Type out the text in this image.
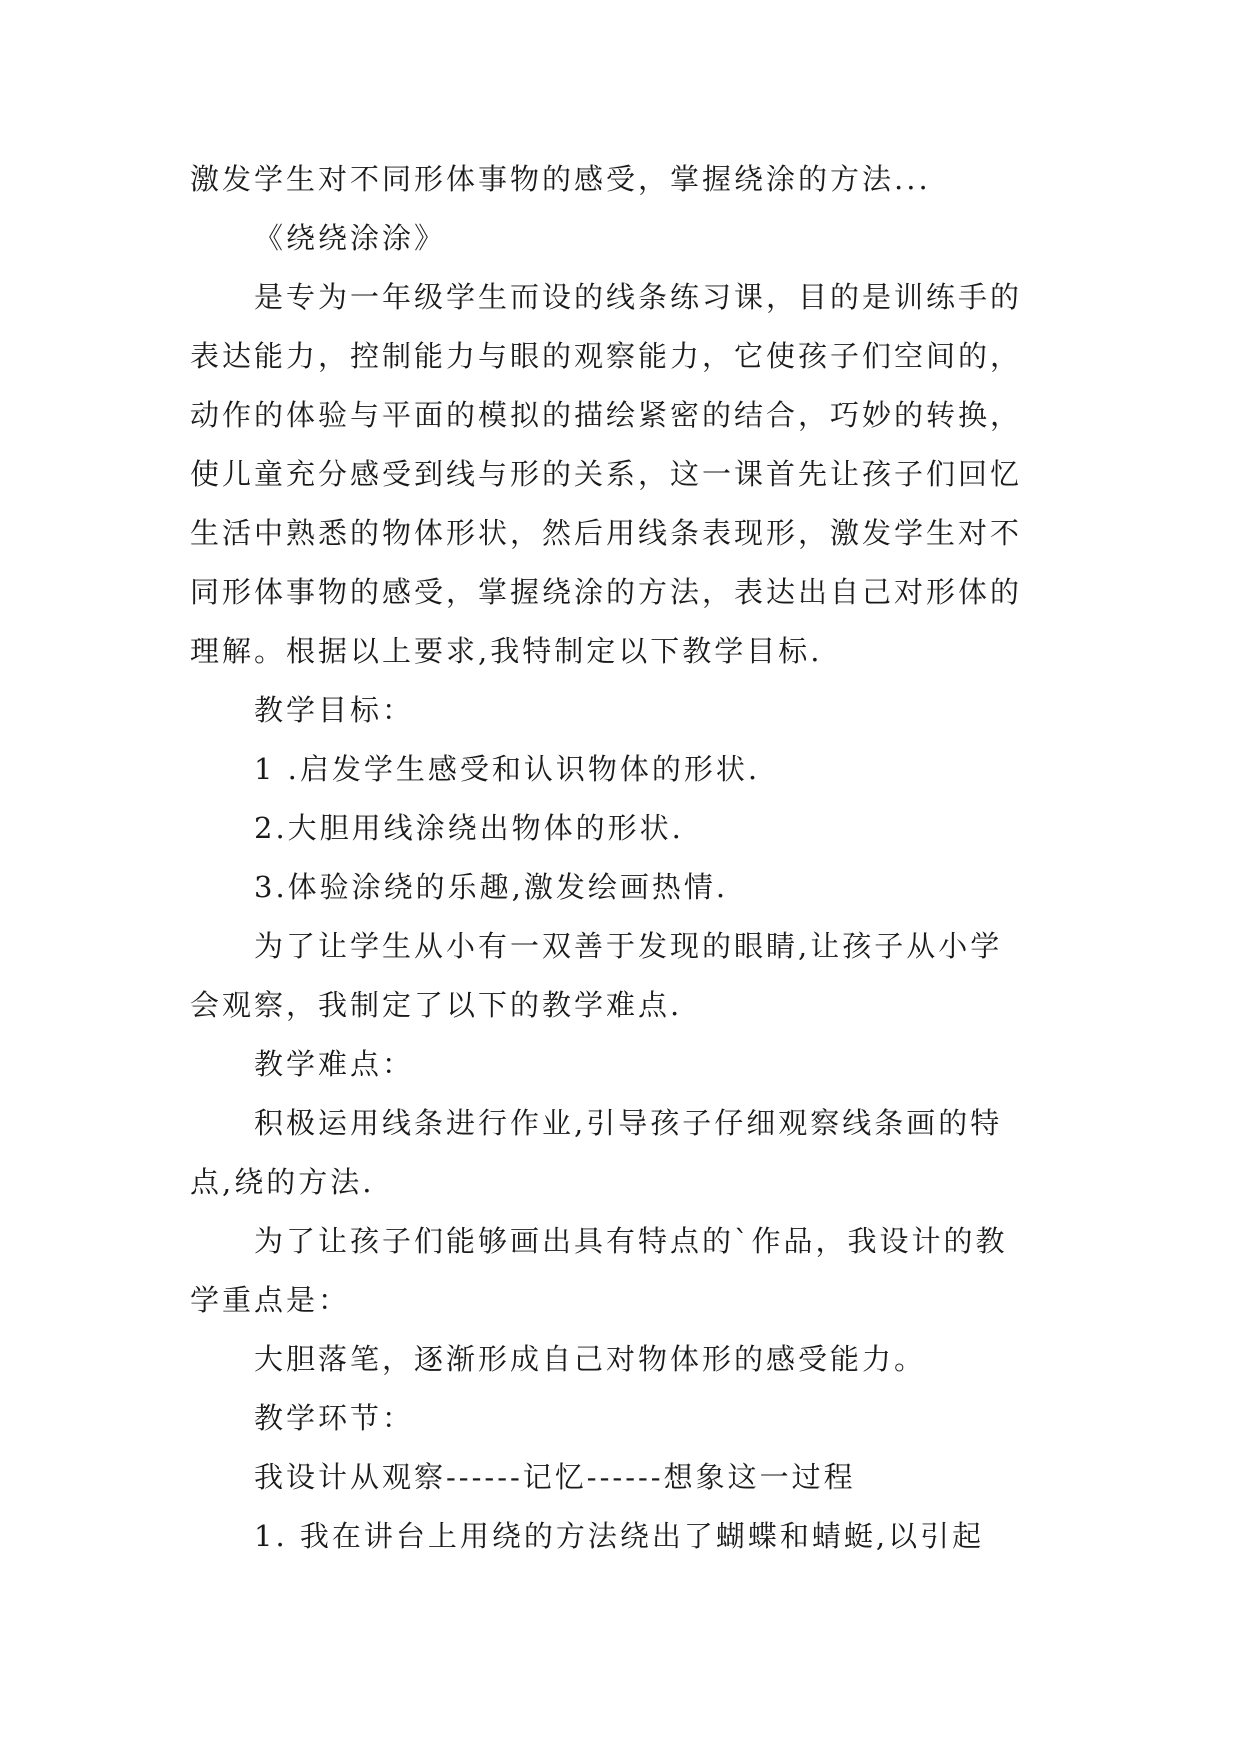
激发学生对不同形体事物的感受，掌握绕涂的方法...
《绕绕涂涂》
是专为一年级学生而设的线条练习课，目的是训练手的
表达能力，控制能力与眼的观察能力，它使孩子们空间的，
动作的体验与平面的模拟的描绘紧密的结合，巧妙的转换，
使儿童充分感受到线与形的关系，这一课首先让孩子们回忆
生活中熟悉的物体形状，然后用线条表现形，激发学生对不
同形体事物的感受，掌握绕涂的方法，表达出自己对形体的
理解。根据以上要求,我特制定以下教学目标.
教学目标：
1 .启发学生感受和认识物体的形状.
2.大胆用线涂绕出物体的形状.
3.体验涂绕的乐趣,激发绘画热情.
为了让学生从小有一双善于发现的眼睛,让孩子从小学
会观察，我制定了以下的教学难点.
教学难点：
积极运用线条进行作业,引导孩子仔细观察线条画的特
点,绕的方法.
为了让孩子们能够画出具有特点的`作品，我设计的教
学重点是：
大胆落笔，逐渐形成自己对物体形的感受能力。
教学环节：
我设计从观察------记忆------想象这一过程
1. 我在讲台上用绕的方法绕出了蝴蝶和蜻蜓,以引起
